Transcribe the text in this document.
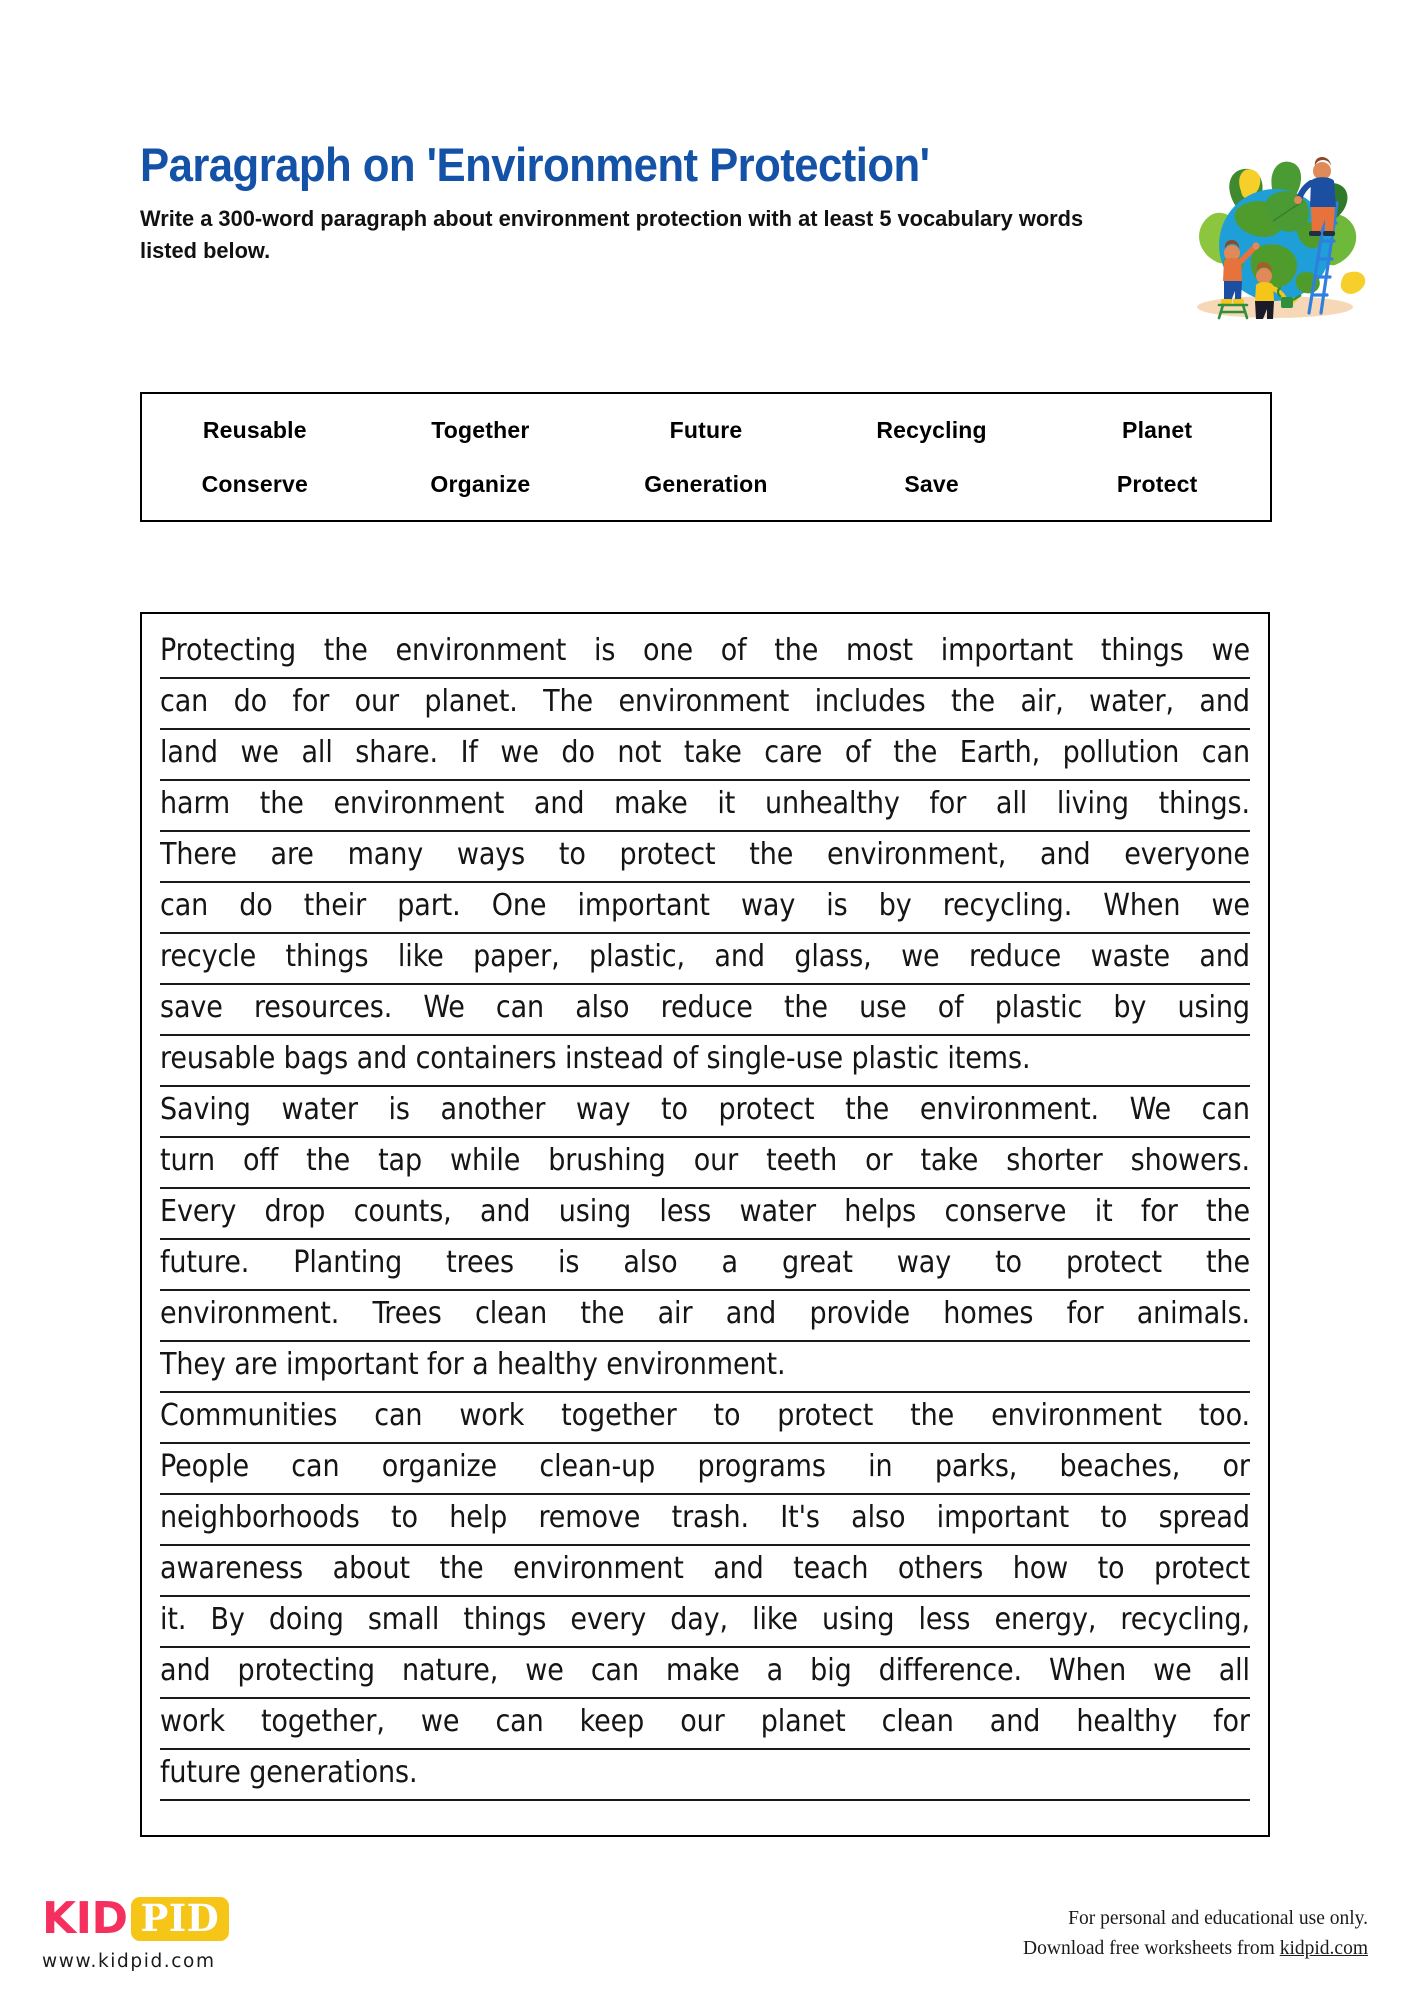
Paragraph on 'Environment Protection'

Write a 300-word paragraph about environment protection with at least 5 vocabulary words listed below.

Reusable	Together	Future	Recycling	Planet
Conserve	Organize	Generation	Save	Protect
Protecting the environment is one of the most important things we
can do for our planet. The environment includes the air, water, and
land we all share. If we do not take care of the Earth, pollution can
harm the environment and make it unhealthy for all living things.
There are many ways to protect the environment, and everyone
can do their part. One important way is by recycling. When we
recycle things like paper, plastic, and glass, we reduce waste and
save resources. We can also reduce the use of plastic by using
reusable bags and containers instead of single-use plastic items.
Saving water is another way to protect the environment. We can
turn off the tap while brushing our teeth or take shorter showers.
Every drop counts, and using less water helps conserve it for the
future. Planting trees is also a great way to protect the
environment. Trees clean the air and provide homes for animals.
They are important for a healthy environment.
Communities can work together to protect the environment too.
People can organize clean-up programs in parks, beaches, or
neighborhoods to help remove trash. It's also important to spread
awareness about the environment and teach others how to protect
it. By doing small things every day, like using less energy, recycling,
and protecting nature, we can make a big difference. When we all
work together, we can keep our planet clean and healthy for
future generations.
KID PID
www.kidpid.com
For personal and educational use only.
Download free worksheets from kidpid.com
